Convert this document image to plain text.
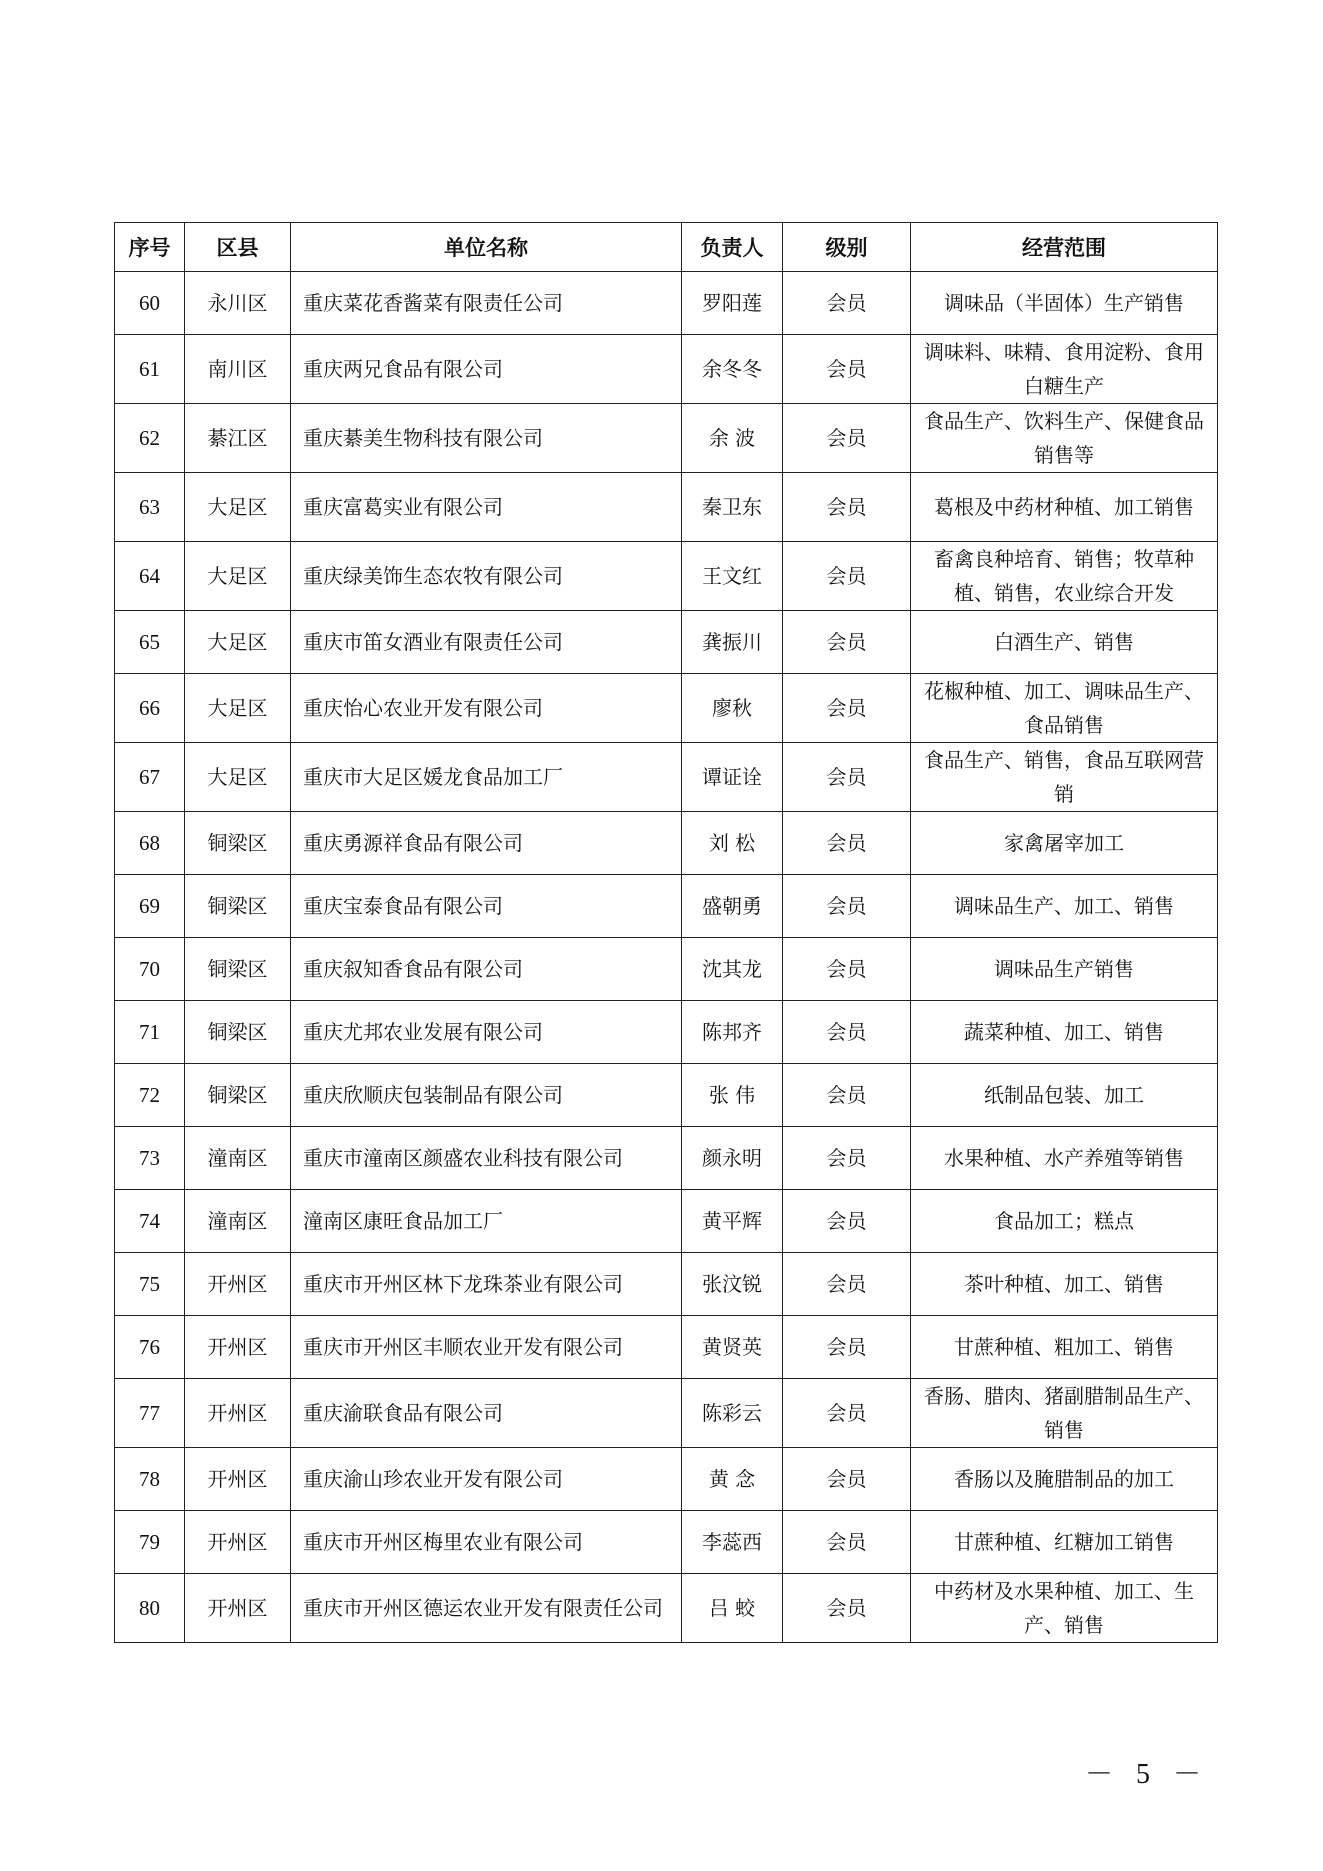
序号	区县	单位名称	负责人	级别	经营范围
60	永川区	重庆菜花香酱菜有限责任公司	罗阳莲	会员	调味品（半固体）生产销售
61	南川区	重庆两兄食品有限公司	余冬冬	会员	调味料、味精、食用淀粉、食用白糖生产
62	綦江区	重庆綦美生物科技有限公司	余 波	会员	食品生产、饮料生产、保健食品销售等
63	大足区	重庆富葛实业有限公司	秦卫东	会员	葛根及中药材种植、加工销售
64	大足区	重庆绿美饰生态农牧有限公司	王文红	会员	畜禽良种培育、销售；牧草种植、销售，农业综合开发
65	大足区	重庆市笛女酒业有限责任公司	龚振川	会员	白酒生产、销售
66	大足区	重庆怡心农业开发有限公司	廖秋	会员	花椒种植、加工、调味品生产、食品销售
67	大足区	重庆市大足区媛龙食品加工厂	谭证诠	会员	食品生产、销售，食品互联网营销
68	铜梁区	重庆勇源祥食品有限公司	刘 松	会员	家禽屠宰加工
69	铜梁区	重庆宝泰食品有限公司	盛朝勇	会员	调味品生产、加工、销售
70	铜梁区	重庆叙知香食品有限公司	沈其龙	会员	调味品生产销售
71	铜梁区	重庆尤邦农业发展有限公司	陈邦齐	会员	蔬菜种植、加工、销售
72	铜梁区	重庆欣顺庆包装制品有限公司	张 伟	会员	纸制品包装、加工
73	潼南区	重庆市潼南区颜盛农业科技有限公司	颜永明	会员	水果种植、水产养殖等销售
74	潼南区	潼南区康旺食品加工厂	黄平辉	会员	食品加工；糕点
75	开州区	重庆市开州区林下龙珠茶业有限公司	张汶锐	会员	茶叶种植、加工、销售
76	开州区	重庆市开州区丰顺农业开发有限公司	黄贤英	会员	甘蔗种植、粗加工、销售
77	开州区	重庆渝联食品有限公司	陈彩云	会员	香肠、腊肉、猪副腊制品生产、销售
78	开州区	重庆渝山珍农业开发有限公司	黄 念	会员	香肠以及腌腊制品的加工
79	开州区	重庆市开州区梅里农业有限公司	李蕊西	会员	甘蔗种植、红糖加工销售
80	开州区	重庆市开州区德运农业开发有限责任公司	吕 蛟	会员	中药材及水果种植、加工、生产、销售
－ 5 －
